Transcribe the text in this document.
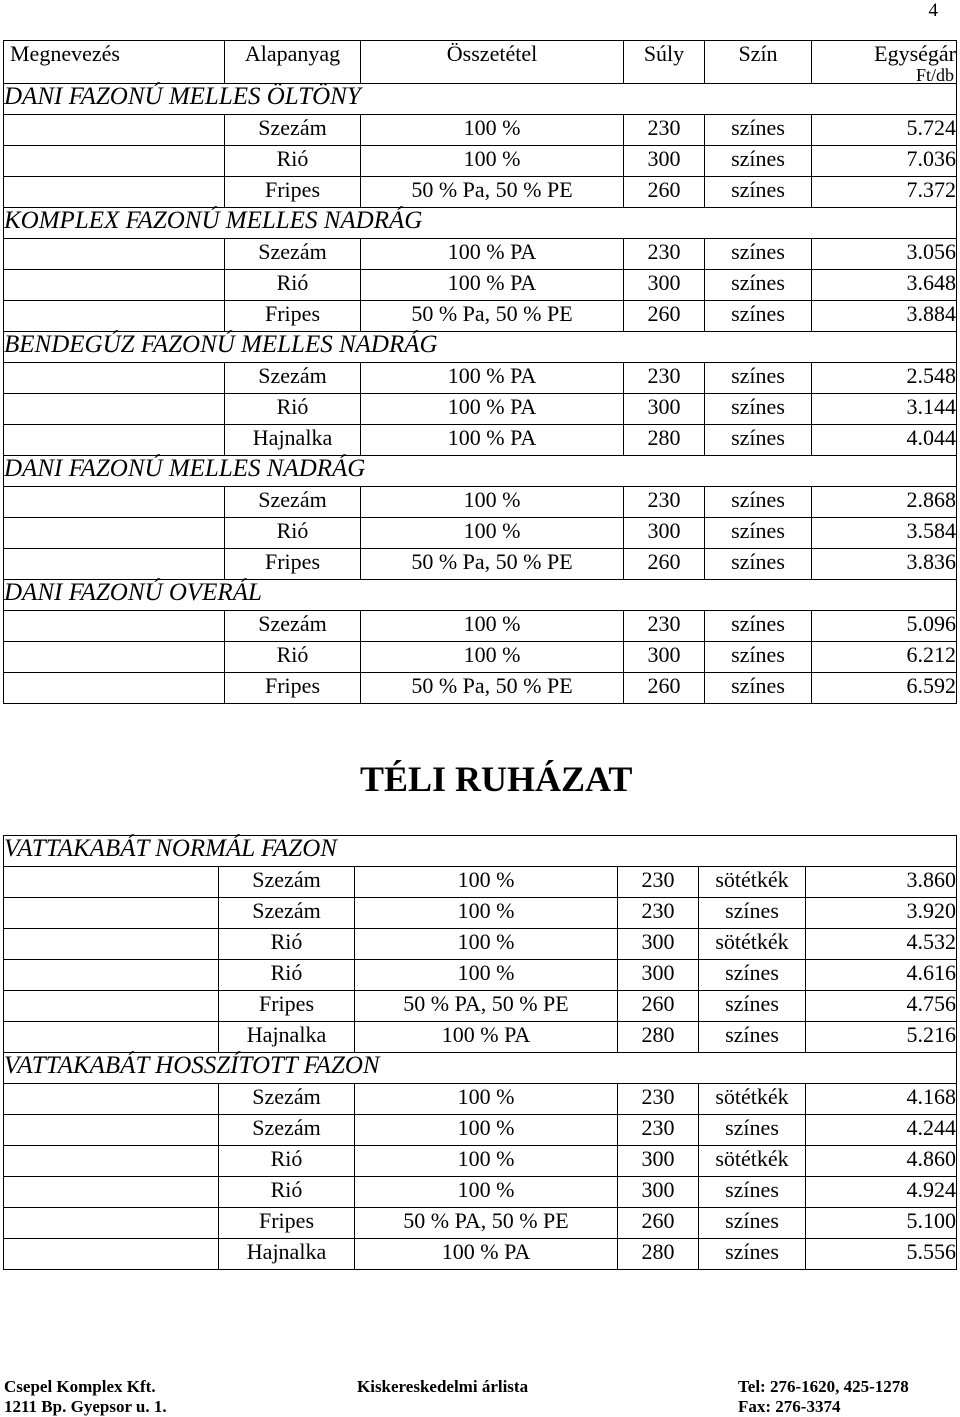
4
Megnevezés	Alapanyag	Összetétel	Súly	Szín	Egységár
Ft/db

DANI FAZONÚ MELLES ÖLTÖNY					
	Szezám	100 %	230	színes	5.724
	Rió	100 %	300	színes	7.036
	Fripes	50 % Pa, 50 % PE	260	színes	7.372
KOMPLEX FAZONÚ MELLES NADRÁG					
	Szezám	100 % PA	230	színes	3.056
	Rió	100 % PA	300	színes	3.648
	Fripes	50 % Pa, 50 % PE	260	színes	3.884
BENDEGÚZ FAZONÚ MELLES NADRÁG					
	Szezám	100 % PA	230	színes	2.548
	Rió	100 % PA	300	színes	3.144
	Hajnalka	100 % PA	280	színes	4.044
DANI FAZONÚ MELLES NADRÁG					
	Szezám	100 %	230	színes	2.868
	Rió	100 %	300	színes	3.584
	Fripes	50 % Pa, 50 % PE	260	színes	3.836
DANI FAZONÚ OVERÁL					
	Szezám	100 %	230	színes	5.096
	Rió	100 %	300	színes	6.212
	Fripes	50 % Pa, 50 % PE	260	színes	6.592
TÉLI RUHÁZAT
VATTAKABÁT NORMÁL FAZON					
	Szezám	100 %	230	sötétkék	3.860
	Szezám	100 %	230	színes	3.920
	Rió	100 %	300	sötétkék	4.532
	Rió	100 %	300	színes	4.616
	Fripes	50 % PA, 50 % PE	260	színes	4.756
	Hajnalka	100 % PA	280	színes	5.216
VATTAKABÁT HOSSZÍTOTT FAZON					
	Szezám	100 %	230	sötétkék	4.168
	Szezám	100 %	230	színes	4.244
	Rió	100 %	300	sötétkék	4.860
	Rió	100 %	300	színes	4.924
	Fripes	50 % PA, 50 % PE	260	színes	5.100
	Hajnalka	100 % PA	280	színes	5.556
Csepel Komplex Kft.	Kiskereskedelmi árlista	Tel: 276-1620, 425-1278
1211 Bp. Gyepsor u. 1.	Fax: 276-3374
